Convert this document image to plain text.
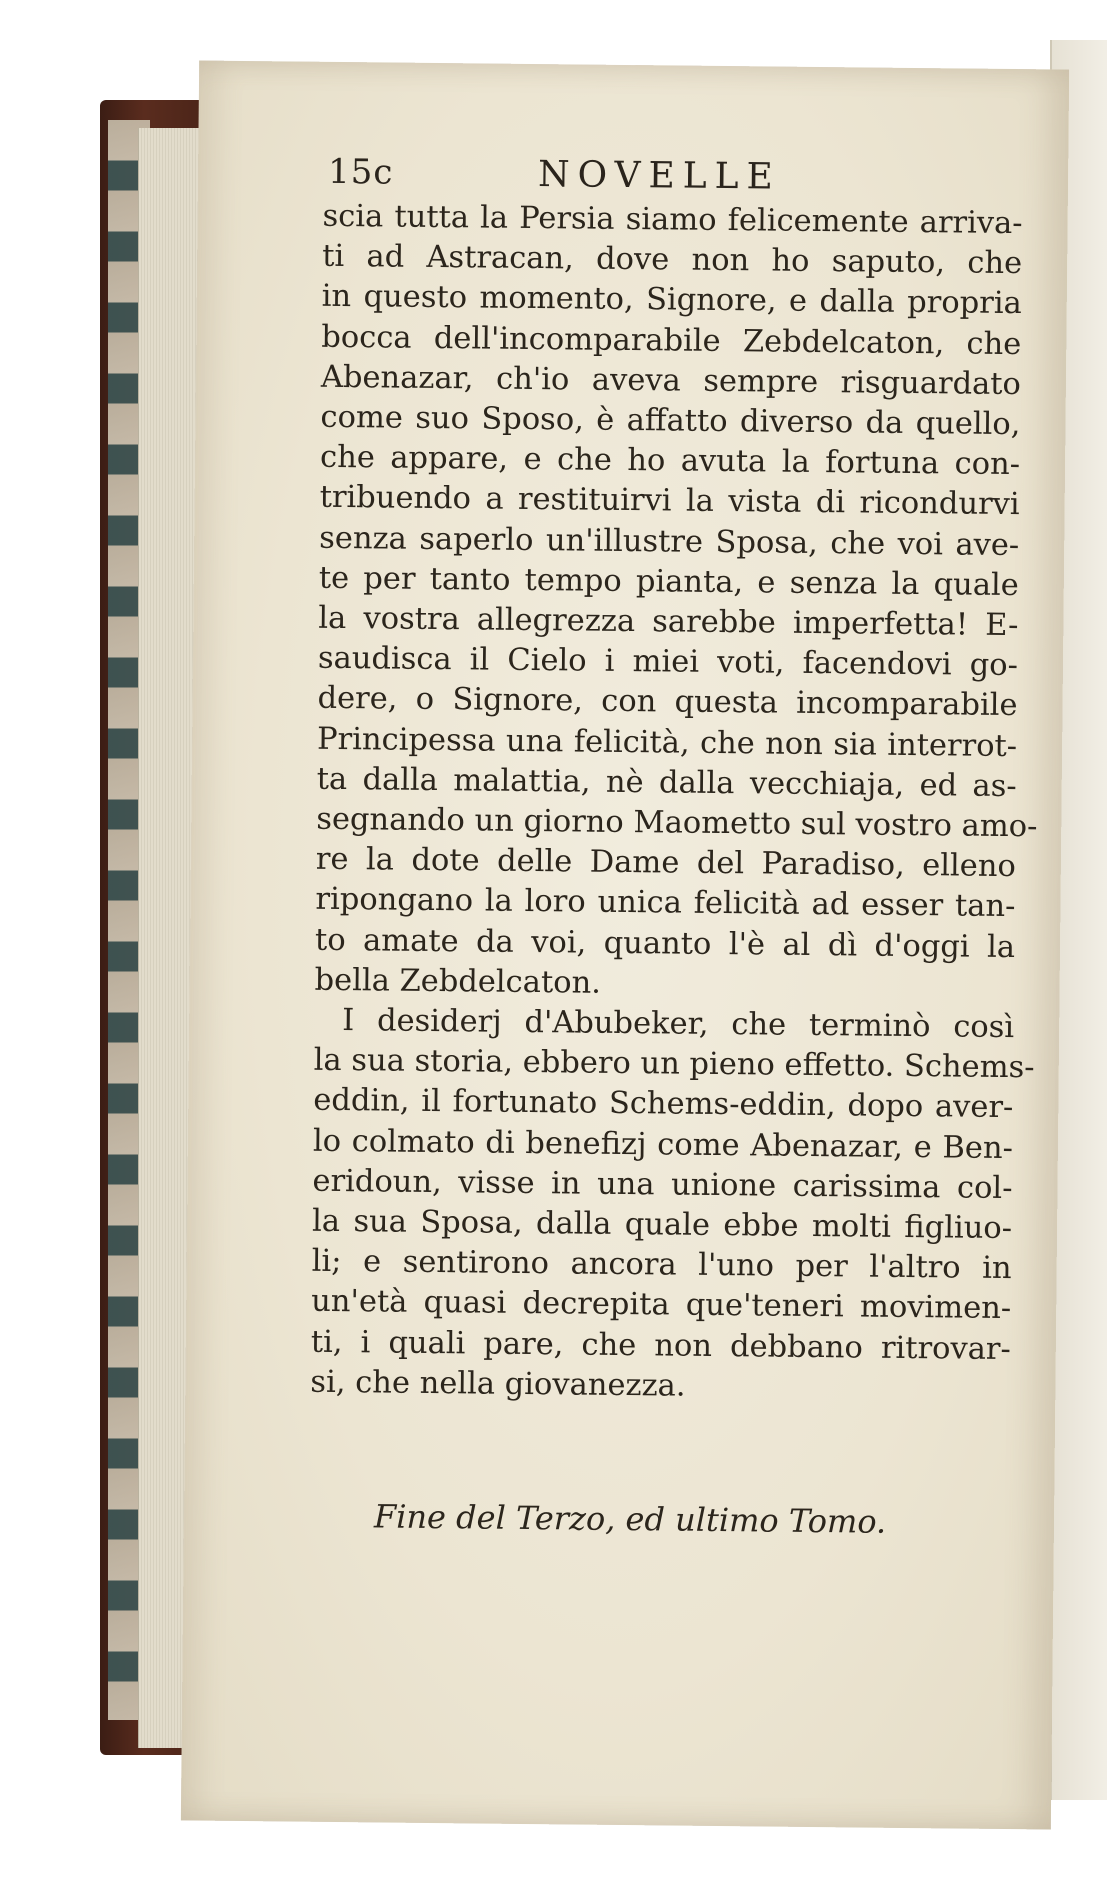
15c	NOVELLE
scia tutta la Persia siamo felicemente arriva-
ti ad Astracan, dove non ho saputo, che
in questo momento, Signore, e dalla propria
bocca dell'incomparabile Zebdelcaton, che
Abenazar, ch'io aveva sempre risguardato
come suo Sposo, è affatto diverso da quello,
che appare, e che ho avuta la fortuna con-
tribuendo a restituirvi la vista di ricondurvi
senza saperlo un'illustre Sposa, che voi ave-
te per tanto tempo pianta, e senza la quale
la vostra allegrezza sarebbe imperfetta! E-
saudisca il Cielo i miei voti, facendovi go-
dere, o Signore, con questa incomparabile
Principessa una felicità, che non sia interrot-
ta dalla malattia, nè dalla vecchiaja, ed as-
segnando un giorno Maometto sul vostro amo-
re la dote delle Dame del Paradiso, elleno
ripongano la loro unica felicità ad esser tan-
to amate da voi, quanto l'è al dì d'oggi la
bella Zebdelcaton.
I desiderj d'Abubeker, che terminò così
la sua storia, ebbero un pieno effetto. Schems-
eddin, il fortunato Schems-eddin, dopo aver-
lo colmato di benefizj come Abenazar, e Ben-
eridoun, visse in una unione carissima col-
la sua Sposa, dalla quale ebbe molti figliuo-
li; e sentirono ancora l'uno per l'altro in
un'età quasi decrepita que'teneri movimen-
ti, i quali pare, che non debbano ritrovar-
si, che nella giovanezza.
Fine del Terzo, ed ultimo Tomo.
